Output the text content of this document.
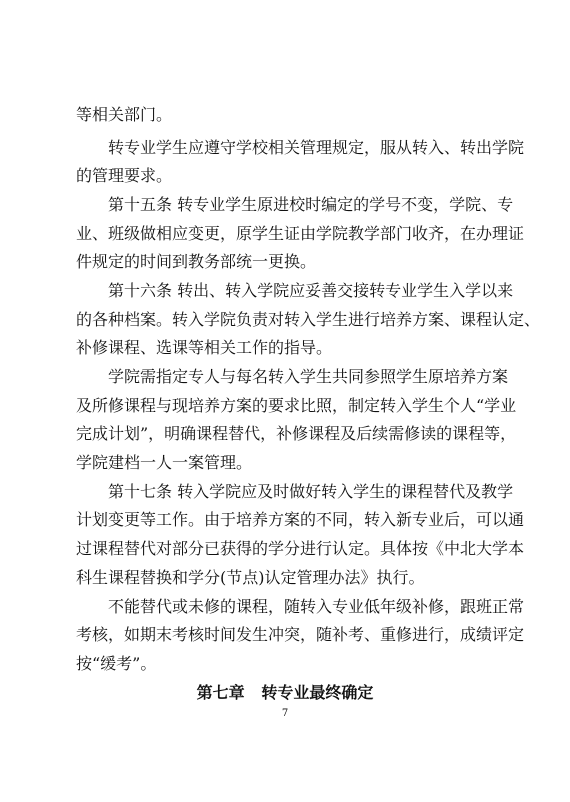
等相关部门。
转专业学生应遵守学校相关管理规定，服从转入、转出学院
的管理要求。
第十五条 转专业学生原进校时编定的学号不变，学院、专
业、班级做相应变更，原学生证由学院教学部门收齐，在办理证
件规定的时间到教务部统一更换。
第十六条 转出、转入学院应妥善交接转专业学生入学以来
的各种档案。转入学院负责对转入学生进行培养方案、课程认定、
补修课程、选课等相关工作的指导。
学院需指定专人与每名转入学生共同参照学生原培养方案
及所修课程与现培养方案的要求比照，制定转入学生个人“学业
完成计划”，明确课程替代，补修课程及后续需修读的课程等，
学院建档一人一案管理。
第十七条 转入学院应及时做好转入学生的课程替代及教学
计划变更等工作。由于培养方案的不同，转入新专业后，可以通
过课程替代对部分已获得的学分进行认定。具体按《中北大学本
科生课程替换和学分(节点)认定管理办法》执行。
不能替代或未修的课程，随转入专业低年级补修，跟班正常
考核，如期末考核时间发生冲突，随补考、重修进行，成绩评定
按“缓考”。
第七章   转专业最终确定
7
